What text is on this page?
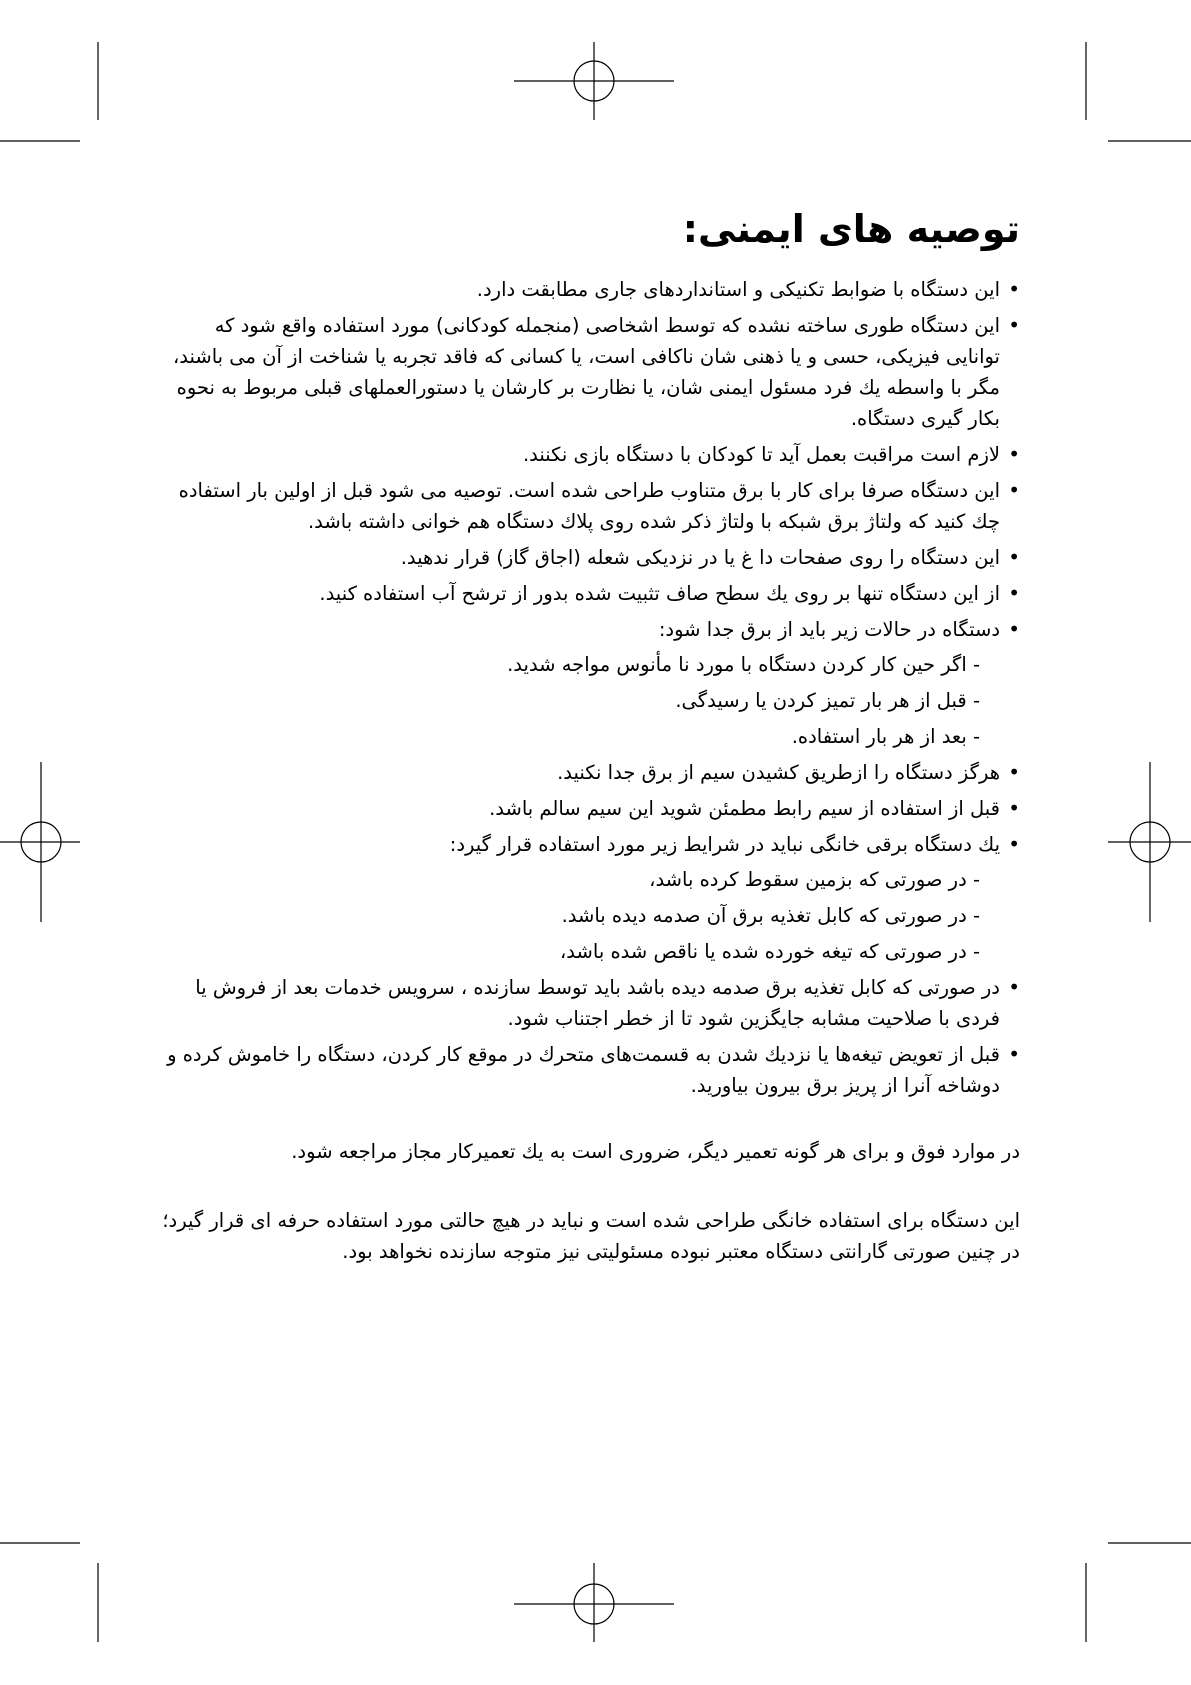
توصیه های ایمنی:
• این دستگاه با ضوابط تکنیکی و استانداردهای جاری مطابقت دارد.
• این دستگاه طوری ساخته نشده که توسط اشخاصی (منجمله کودکانی) مورد استفاده واقع شود که توانایی فیزیکی، حسی و یا ذهنی شان ناکافی است، یا کسانی که فاقد تجربه یا شناخت از آن می باشند، مگر با واسطه یك فرد مسئول ایمنی شان، یا نظارت بر کارشان یا دستورالعملهای قبلی مربوط به نحوه بکار گیری دستگاه.
• لازم است مراقبت بعمل آید تا کودکان با دستگاه بازی نکنند.
• این دستگاه صرفا برای کار با برق متناوب طراحی شده است. توصیه می شود قبل از اولین بار استفاده چك کنید که ولتاژ برق شبکه با ولتاژ ذکر شده روی پلاك دستگاه هم خوانی داشته باشد.
• این دستگاه را روی صفحات دا غ یا در نزدیکی شعله (اجاق گاز) قرار ندهید.
• از این دستگاه تنها بر روی یك سطح صاف تثبیت شده بدور از ترشح آب استفاده کنید.
• دستگاه در حالات زیر باید از برق جدا شود:
- اگر حین کار کردن دستگاه با مورد نا مأنوس مواجه شدید.
- قبل از هر بار تمیز کردن یا رسیدگی.
- بعد از هر بار استفاده.
• هرگز دستگاه را ازطریق کشیدن سیم از برق جدا نکنید.
• قبل از استفاده از سیم رابط مطمئن شوید این سیم سالم باشد.
• یك دستگاه برقی خانگی نباید در شرایط زیر مورد استفاده قرار گیرد:
- در صورتی که بزمین سقوط کرده باشد،
- در صورتی که کابل تغذیه برق آن صدمه دیده باشد.
- در صورتی که تیغه خورده شده یا ناقص شده باشد،
• در صورتی که کابل تغذیه برق صدمه دیده باشد باید توسط سازنده ، سرویس خدمات بعد از فروش یا فردی با صلاحیت مشابه جایگزین شود تا از خطر اجتناب شود.
• قبل از تعویض تیغه‌ها یا نزدیك شدن به قسمت‌های متحرك در موقع کار کردن، دستگاه را خاموش کرده و دوشاخه آنرا از پریز برق بیرون بیاورید.

در موارد فوق و برای هر گونه تعمیر دیگر، ضروری است به یك تعمیرکار مجاز مراجعه شود.

این دستگاه برای استفاده خانگی طراحی شده است و نباید در هیچ حالتی مورد استفاده حرفه ای قرار گیرد؛ در چنین صورتی گارانتی دستگاه معتبر نبوده مسئولیتی نیز متوجه سازنده نخواهد بود.
